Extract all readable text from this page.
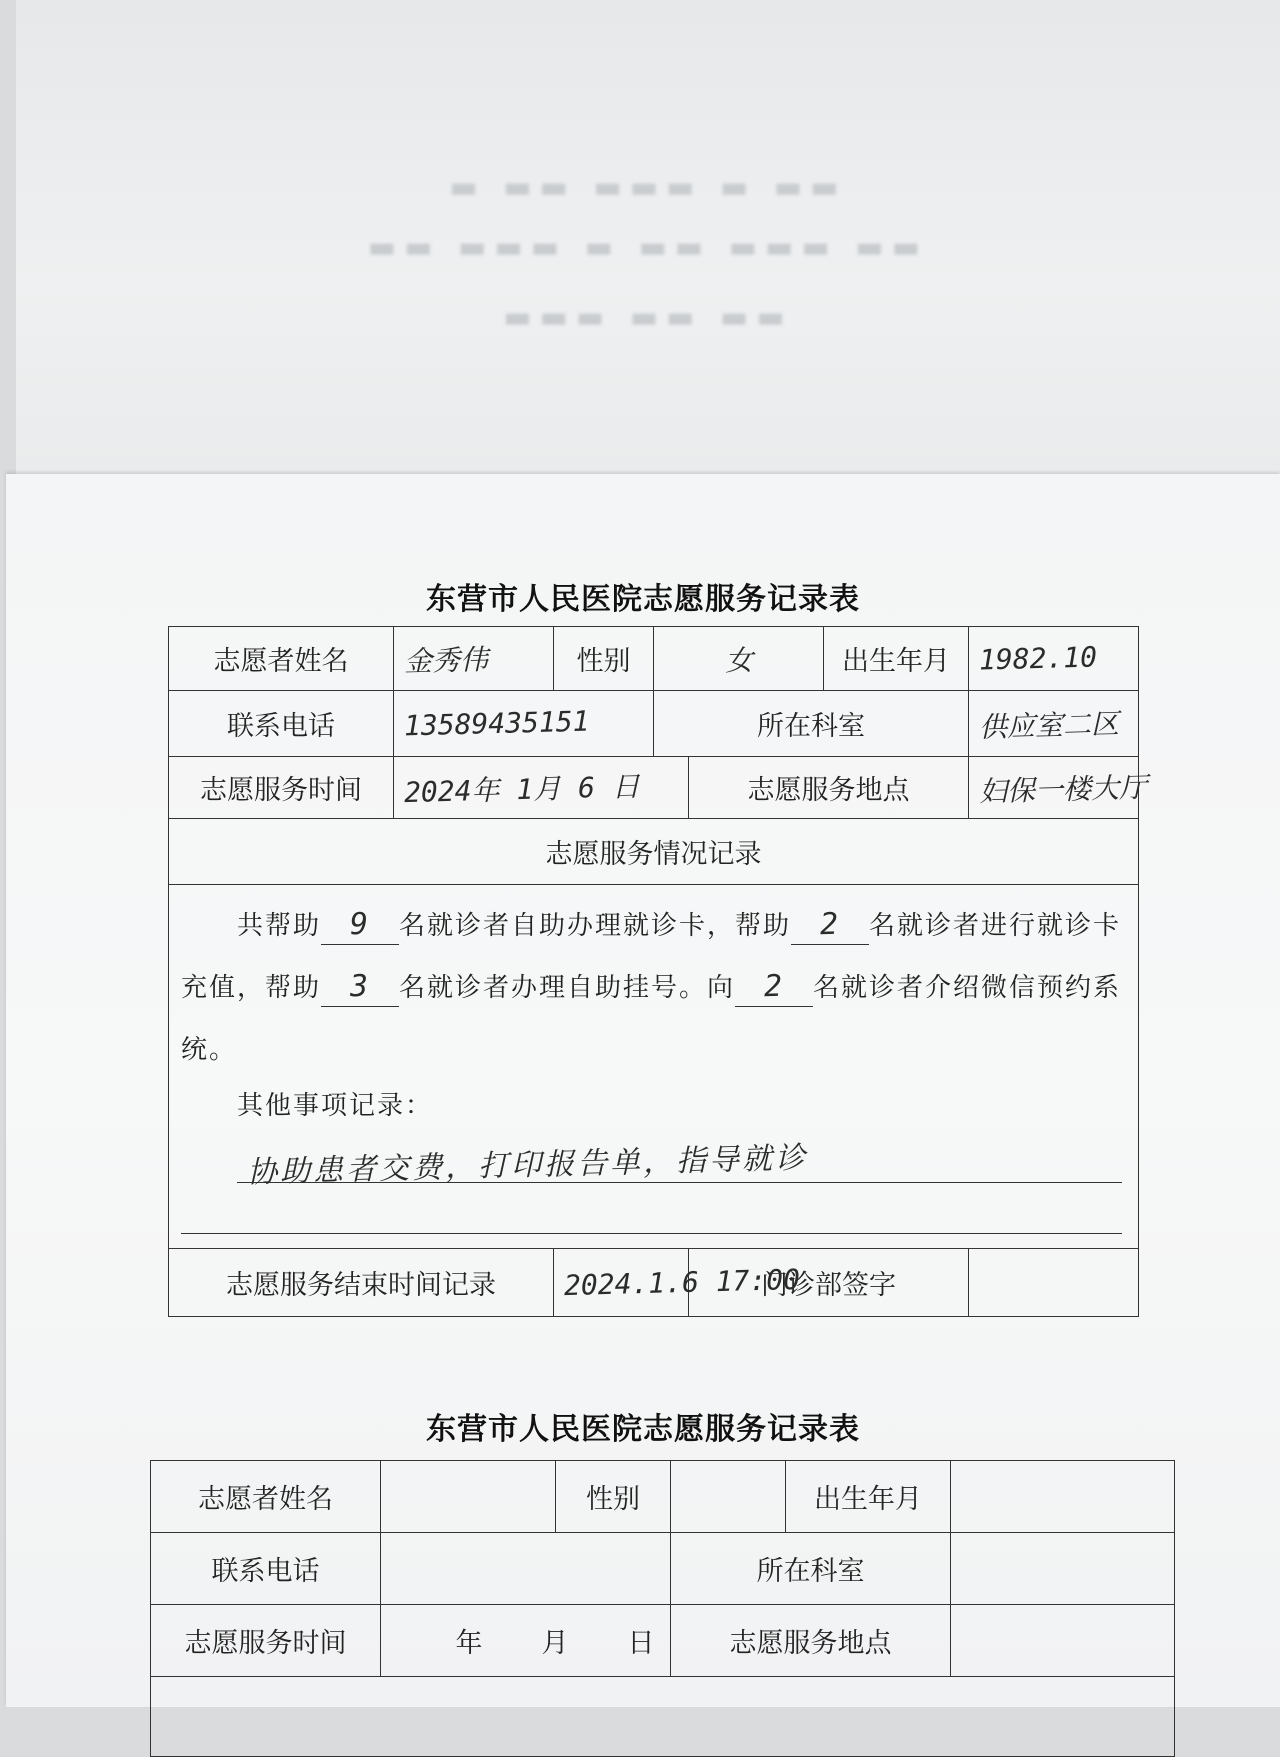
▬ ▬▬ ▬▬▬ ▬ ▬▬
▬▬ ▬▬▬ ▬ ▬▬ ▬▬▬ ▬▬
▬▬▬ ▬▬ ▬▬
东营市人民医院志愿服务记录表
志愿者姓名	金秀伟	性别	女		出生年月	1982.10
联系电话	13589435151		所在科室			供应室二区
志愿服务时间	2024年 1月 6 日			志愿服务地点		妇保一楼大厅
志愿服务情况记录						

共帮助 9 名就诊者自助办理就诊卡，帮助 2 名就诊者进行就诊卡充值，帮助 3 名就诊者办理自助挂号。向 2 名就诊者介绍微信预约系统。
其他事项记录：
协助患者交费，打印报告单，指导就诊						

志愿服务结束时间记录		2024.1.6 17:00		门诊部签字		
东营市人民医院志愿服务记录表
志愿者姓名		性别		出生年月	
联系电话			所在科室		
志愿服务时间	年 月 日		志愿服务地点		
